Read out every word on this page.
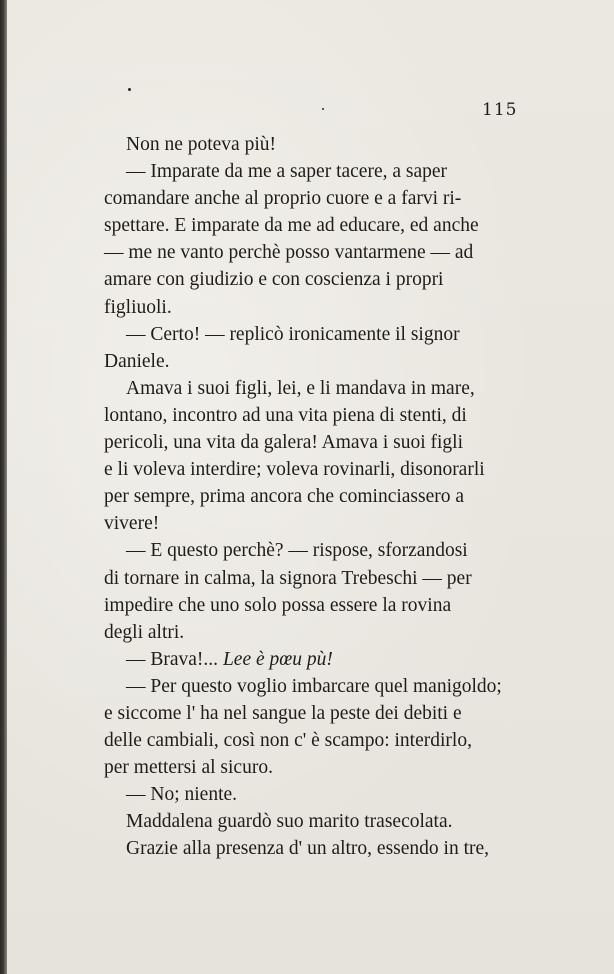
115
Non ne poteva più!
— Imparate da me a saper tacere, a saper
comandare anche al proprio cuore e a farvi ri-
spettare. E imparate da me ad educare, ed anche
— me ne vanto perchè posso vantarmene — ad
amare con giudizio e con coscienza i propri
figliuoli.
— Certo! — replicò ironicamente il signor
Daniele.
Amava i suoi figli, lei, e li mandava in mare,
lontano, incontro ad una vita piena di stenti, di
pericoli, una vita da galera! Amava i suoi figli
e li voleva interdire; voleva rovinarli, disonorarli
per sempre, prima ancora che cominciassero a
vivere!
— E questo perchè? — rispose, sforzandosi
di tornare in calma, la signora Trebeschi — per
impedire che uno solo possa essere la rovina
degli altri.
— Brava!... Lee è pœu pù!
— Per questo voglio imbarcare quel manigoldo;
e siccome l' ha nel sangue la peste dei debiti e
delle cambiali, così non c' è scampo: interdirlo,
per mettersi al sicuro.
— No; niente.
Maddalena guardò suo marito trasecolata.
Grazie alla presenza d' un altro, essendo in tre,
